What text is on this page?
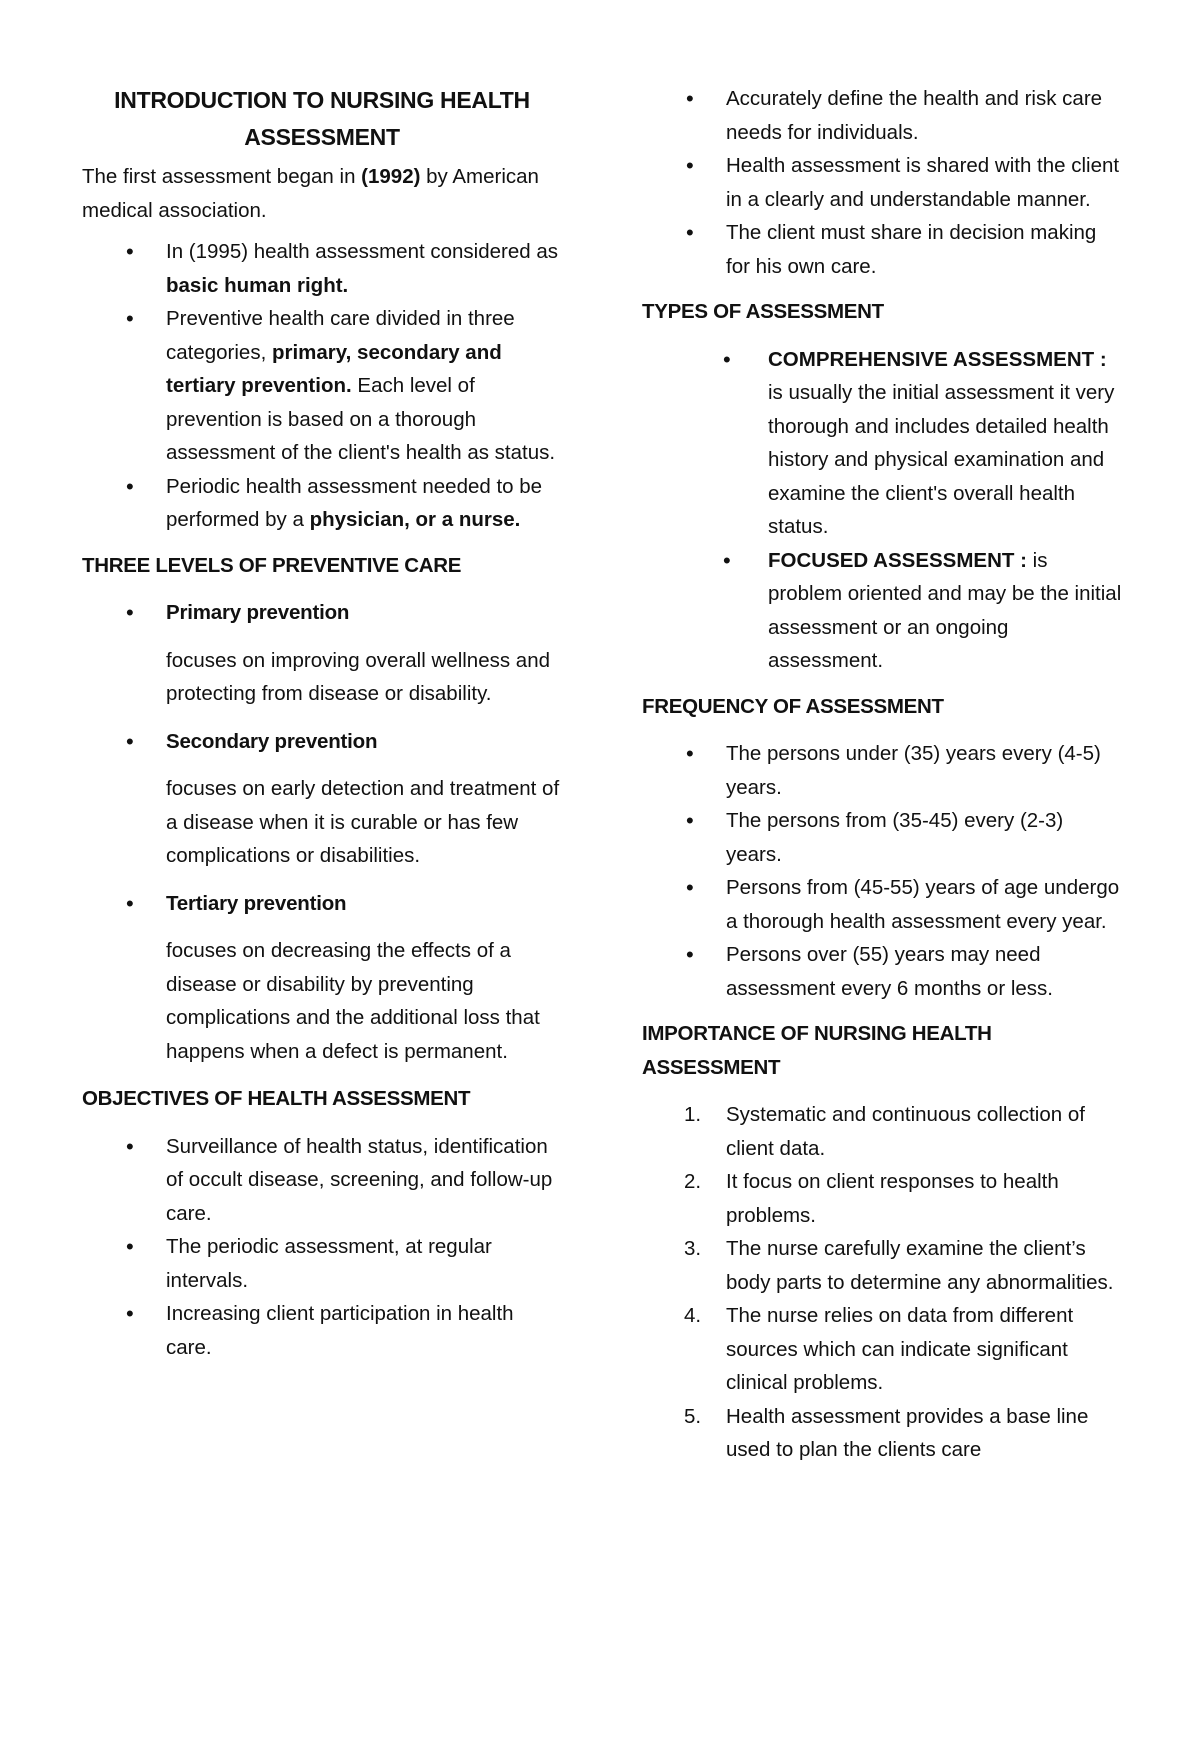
INTRODUCTION TO NURSING HEALTH
ASSESSMENT

The first assessment began in (1992) by American medical association.

• In (1995) health assessment considered as basic human right.
• Preventive health care divided in three categories, primary, secondary and tertiary prevention. Each level of prevention is based on a thorough assessment of the client's health as status.
• Periodic health assessment needed to be performed by a physician, or a nurse.
THREE LEVELS OF PREVENTIVE CARE
• Primary prevention
focuses on improving overall wellness and protecting from disease or disability.
• Secondary prevention
focuses on early detection and treatment of a disease when it is curable or has few complications or disabilities.
• Tertiary prevention
focuses on decreasing the effects of a disease or disability by preventing complications and the additional loss that happens when a defect is permanent.
OBJECTIVES OF HEALTH ASSESSMENT
• Surveillance of health status, identification of occult disease, screening, and follow-up care.
• The periodic assessment, at regular intervals.
• Increasing client participation in health care.
• Accurately define the health and risk care needs for individuals.
• Health assessment is shared with the client in a clearly and understandable manner.
• The client must share in decision making for his own care.
TYPES OF ASSESSMENT
• COMPREHENSIVE ASSESSMENT : is usually the initial assessment it very thorough and includes detailed health history and physical examination and examine the client's overall health status.
• FOCUSED ASSESSMENT : is problem oriented and may be the initial assessment or an ongoing assessment.
FREQUENCY OF ASSESSMENT
• The persons under (35) years every (4-5) years.
• The persons from (35-45) every (2-3) years.
• Persons from (45-55) years of age undergo a thorough health assessment every year.
• Persons over (55) years may need assessment every 6 months or less.
IMPORTANCE OF NURSING HEALTH ASSESSMENT
1. Systematic and continuous collection of client data.
2. It focus on client responses to health problems.
3. The nurse carefully examine the client’s body parts to determine any abnormalities.
4. The nurse relies on data from different sources which can indicate significant clinical problems.
5. Health assessment provides a base line used to plan the clients care
